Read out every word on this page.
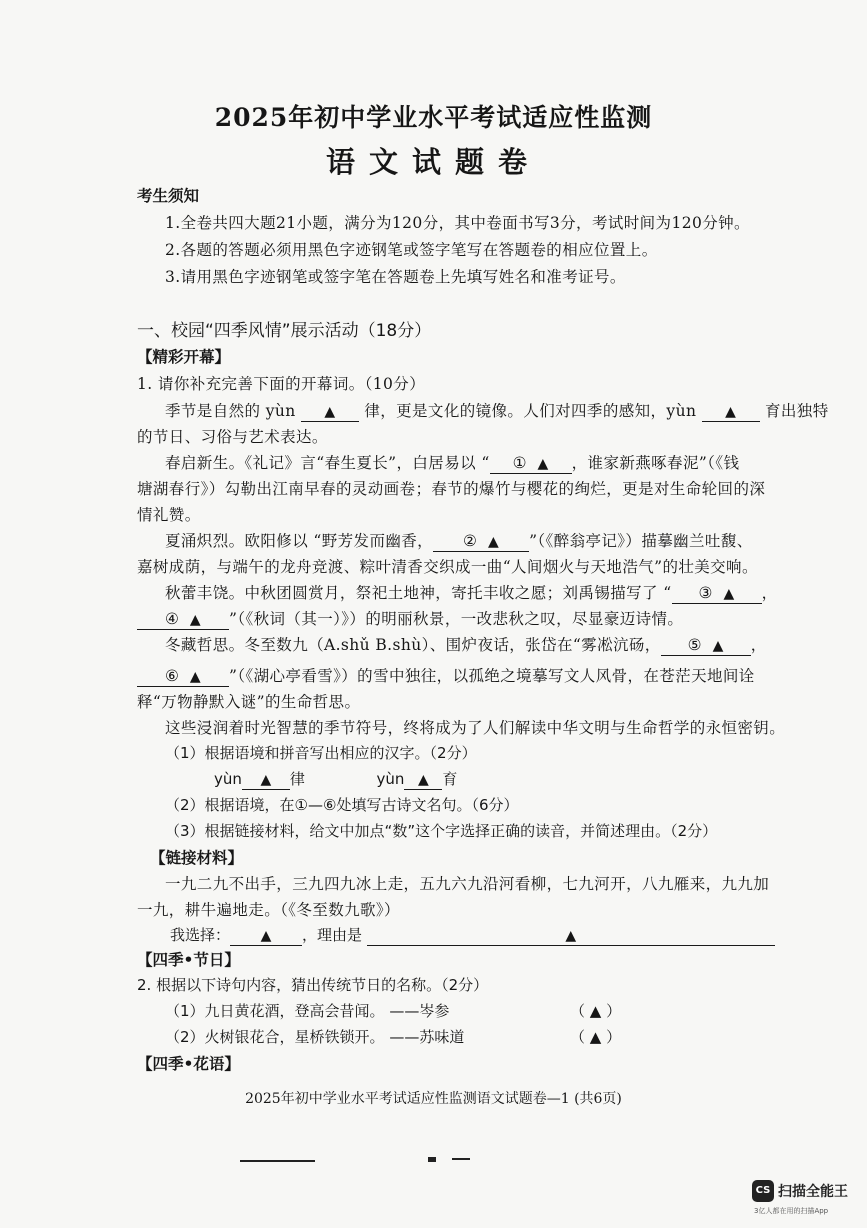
2025年初中学业水平考试适应性监测
语文试题卷
考生须知
1.全卷共四大题21小题，满分为120分，其中卷面书写3分，考试时间为120分钟。
2.各题的答题必须用黑色字迹钢笔或签字笔写在答题卷的相应位置上。
3.请用黑色字迹钢笔或签字笔在答题卷上先填写姓名和准考证号。
一、校园“四季风情”展示活动（18分）
【精彩开幕】
1. 请你补充完善下面的开幕词。（10分）
季节是自然的 yùn ▲ 律，更是文化的镜像。人们对四季的感知，yùn ▲ 育出独特
的节日、习俗与艺术表达。
春启新生。《礼记》言“春生夏长”，白居易以 “ ① ▲ ，谁家新燕啄春泥”（《钱
塘湖春行》）勾勒出江南早春的灵动画卷；春节的爆竹与樱花的绚烂，更是对生命轮回的深
情礼赞。
夏涌炽烈。欧阳修以 “野芳发而幽香， ② ▲ ”（《醉翁亭记》）描摹幽兰吐馥、
嘉树成荫，与端午的龙舟竞渡、粽叶清香交织成一曲“人间烟火与天地浩气”的壮美交响。
秋蕾丰饶。中秋团圆赏月，祭祀土地神，寄托丰收之愿；刘禹锡描写了 “ ③ ▲ ，
④ ▲ ”（《秋词（其一）》）的明丽秋景，一改悲秋之叹，尽显豪迈诗情。
冬藏哲思。冬至数九（A.shǔ B.shù）、围炉夜话，张岱在“雾凇沆砀， ⑤ ▲ ，
⑥ ▲ ”（《湖心亭看雪》）的雪中独往，以孤绝之境摹写文人风骨，在苍茫天地间诠
释“万物静默入谜”的生命哲思。
这些浸润着时光智慧的季节符号，终将成为了人们解读中华文明与生命哲学的永恒密钥。
（1）根据语境和拼音写出相应的汉字。（2分）
yùn ▲ 律	yùn ▲ 育
（2）根据语境，在①—⑥处填写古诗文名句。（6分）
（3）根据链接材料，给文中加点“数”这个字选择正确的读音，并简述理由。（2分）
【链接材料】
一九二九不出手，三九四九冰上走，五九六九沿河看柳，七九河开，八九雁来，九九加
一九，耕牛遍地走。（《冬至数九歌》）
我选择： ▲ ，理由是	▲
【四季•节日】
2. 根据以下诗句内容，猜出传统节日的名称。（2分）
（1）九日黄花酒，登高会昔闻。 ——岑参	（ ▲ ）
（2）火树银花合，星桥铁锁开。 ——苏味道	（ ▲ ）
【四季•花语】
2025年初中学业水平考试适应性监测语文试题卷—1 (共6页)
CS 扫描全能王
3亿人都在用的扫描App
